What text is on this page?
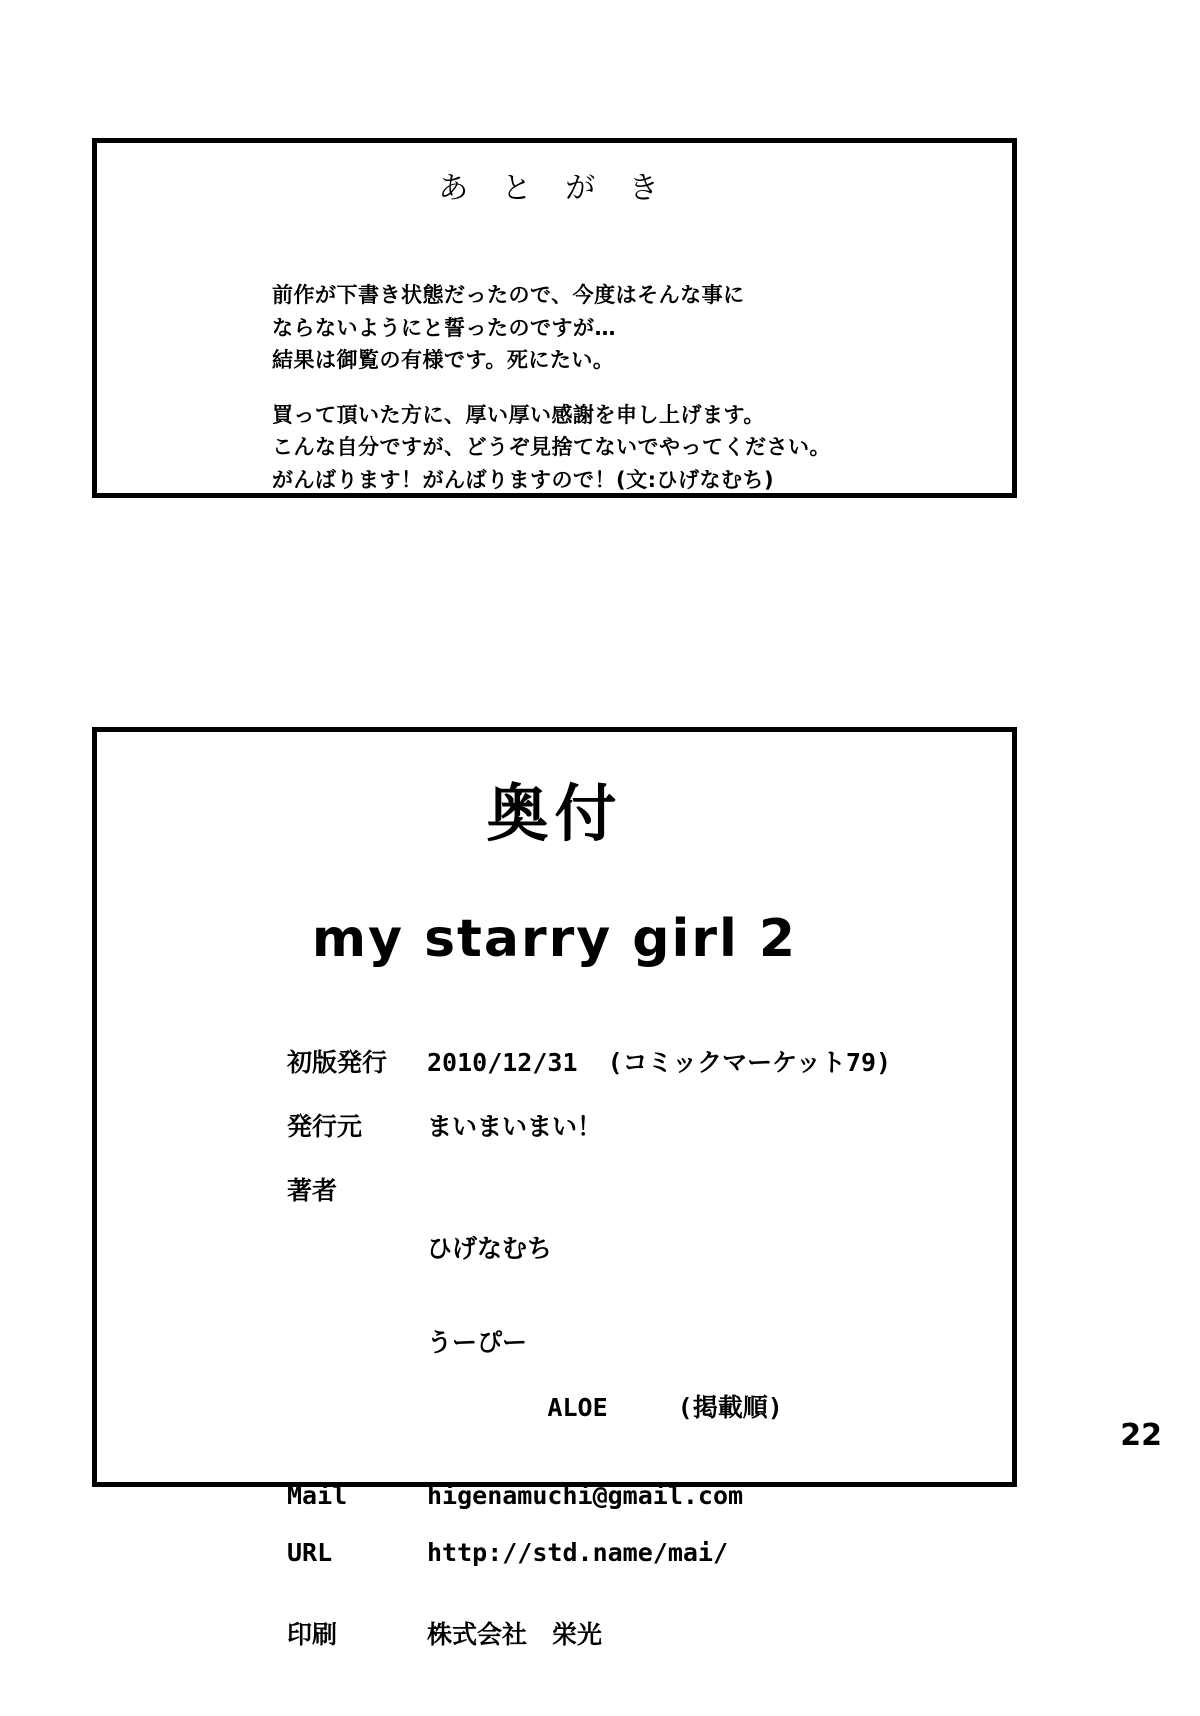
あ と が き
前作が下書き状態だったので、今度はそんな事に
ならないようにと誓ったのですが…
結果は御覧の有様です。死にたい。
買って頂いた方に、厚い厚い感謝を申し上げます。
こんな自分ですが、どうぞ見捨てないでやってください。
がんばります！がんばりますので！(文:ひげなむち)
奥付
my starry girl 2
初版発行	2010/12/31  (コミックマーケット79)
発行元	まいまいまい！
著者

ひげなむち

うーぴー

ALOE	(掲載順)

Mail	higenamuchi@gmail.com
URL	http://std.name/mai/
印刷	株式会社　栄光
22
